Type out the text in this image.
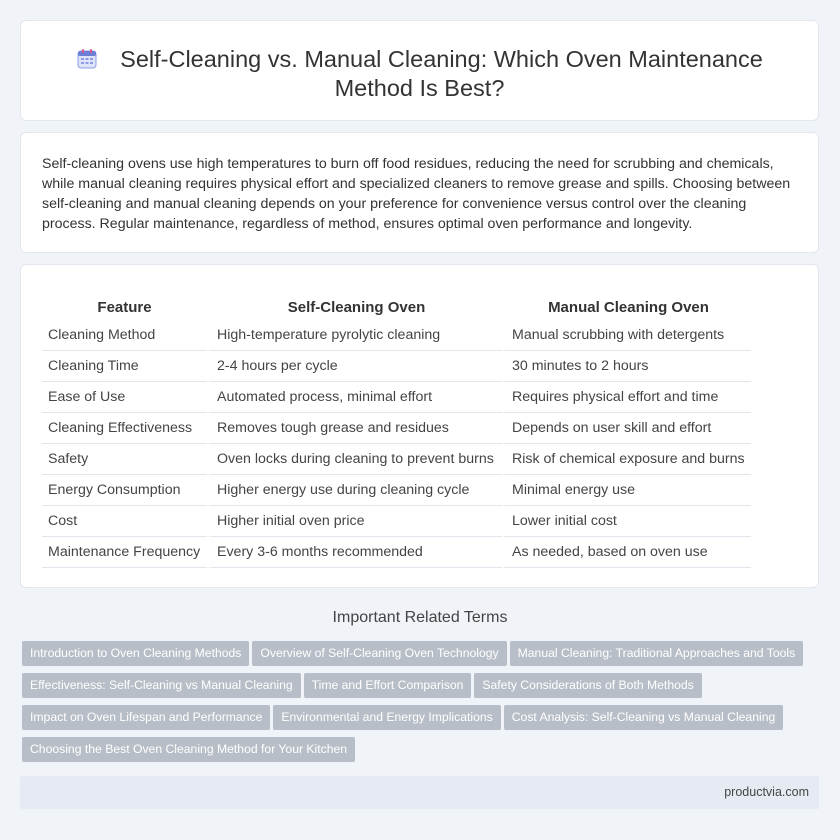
Self-Cleaning vs. Manual Cleaning: Which Oven Maintenance
Method Is Best?

Self-cleaning ovens use high temperatures to burn off food residues, reducing the need for scrubbing and chemicals, while manual cleaning requires physical effort and specialized cleaners to remove grease and spills. Choosing between self-cleaning and manual cleaning depends on your preference for convenience versus control over the cleaning process. Regular maintenance, regardless of method, ensures optimal oven performance and longevity.

Feature	Self-Cleaning Oven	Manual Cleaning Oven
Cleaning Method	High-temperature pyrolytic cleaning	Manual scrubbing with detergents
Cleaning Time	2-4 hours per cycle	30 minutes to 2 hours
Ease of Use	Automated process, minimal effort	Requires physical effort and time
Cleaning Effectiveness	Removes tough grease and residues	Depends on user skill and effort
Safety	Oven locks during cleaning to prevent burns	Risk of chemical exposure and burns
Energy Consumption	Higher energy use during cleaning cycle	Minimal energy use
Cost	Higher initial oven price	Lower initial cost
Maintenance Frequency	Every 3-6 months recommended	As needed, based on oven use
Important Related Terms
Introduction to Oven Cleaning Methods Overview of Self-Cleaning Oven Technology Manual Cleaning: Traditional Approaches and Tools
Effectiveness: Self-Cleaning vs Manual Cleaning Time and Effort Comparison Safety Considerations of Both Methods
Impact on Oven Lifespan and Performance Environmental and Energy Implications Cost Analysis: Self-Cleaning vs Manual Cleaning
Choosing the Best Oven Cleaning Method for Your Kitchen
productvia.com
